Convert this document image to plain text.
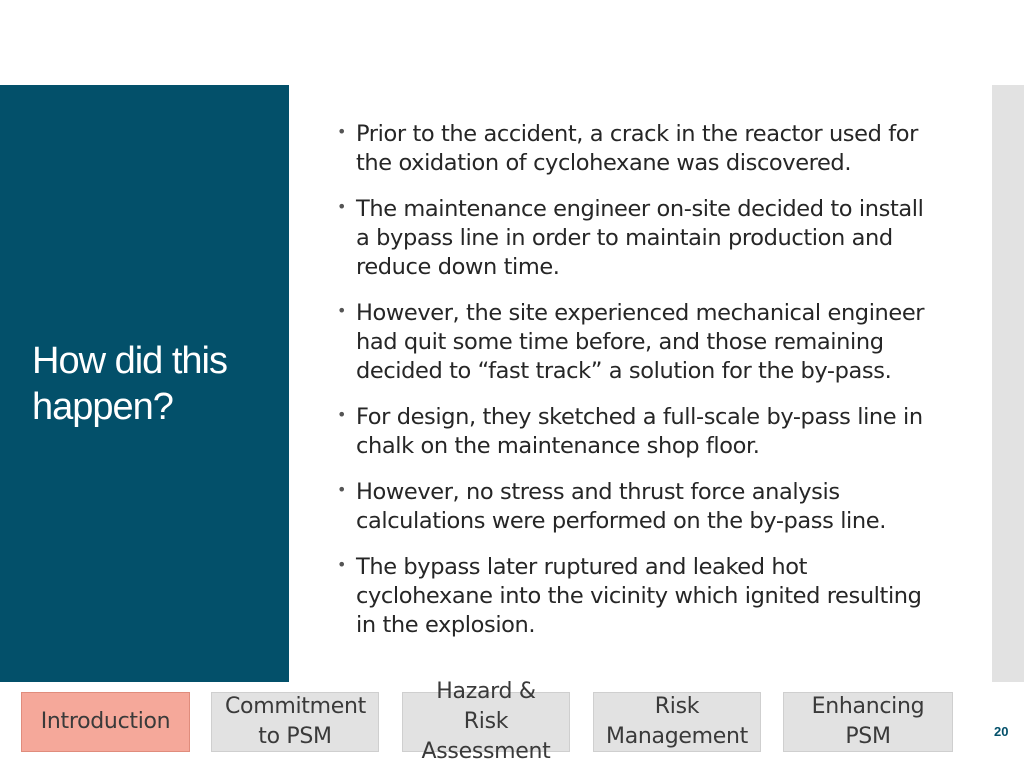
How did this happen?
• Prior to the accident, a crack in the reactor used for the oxidation of cyclohexane was discovered.
• The maintenance engineer on-site decided to install a bypass line in order to maintain production and reduce down time.
• However, the site experienced mechanical engineer had quit some time before, and those remaining decided to “fast track” a solution for the by-pass.
• For design, they sketched a full-scale by-pass line in chalk on the maintenance shop floor.
• However, no stress and thrust force analysis calculations were performed on the by-pass line.
• The bypass later ruptured and leaked hot cyclohexane into the vicinity which ignited resulting in the explosion.
Introduction
Commitment to PSM
Hazard & Risk Assessment
Risk Management
Enhancing PSM	20
